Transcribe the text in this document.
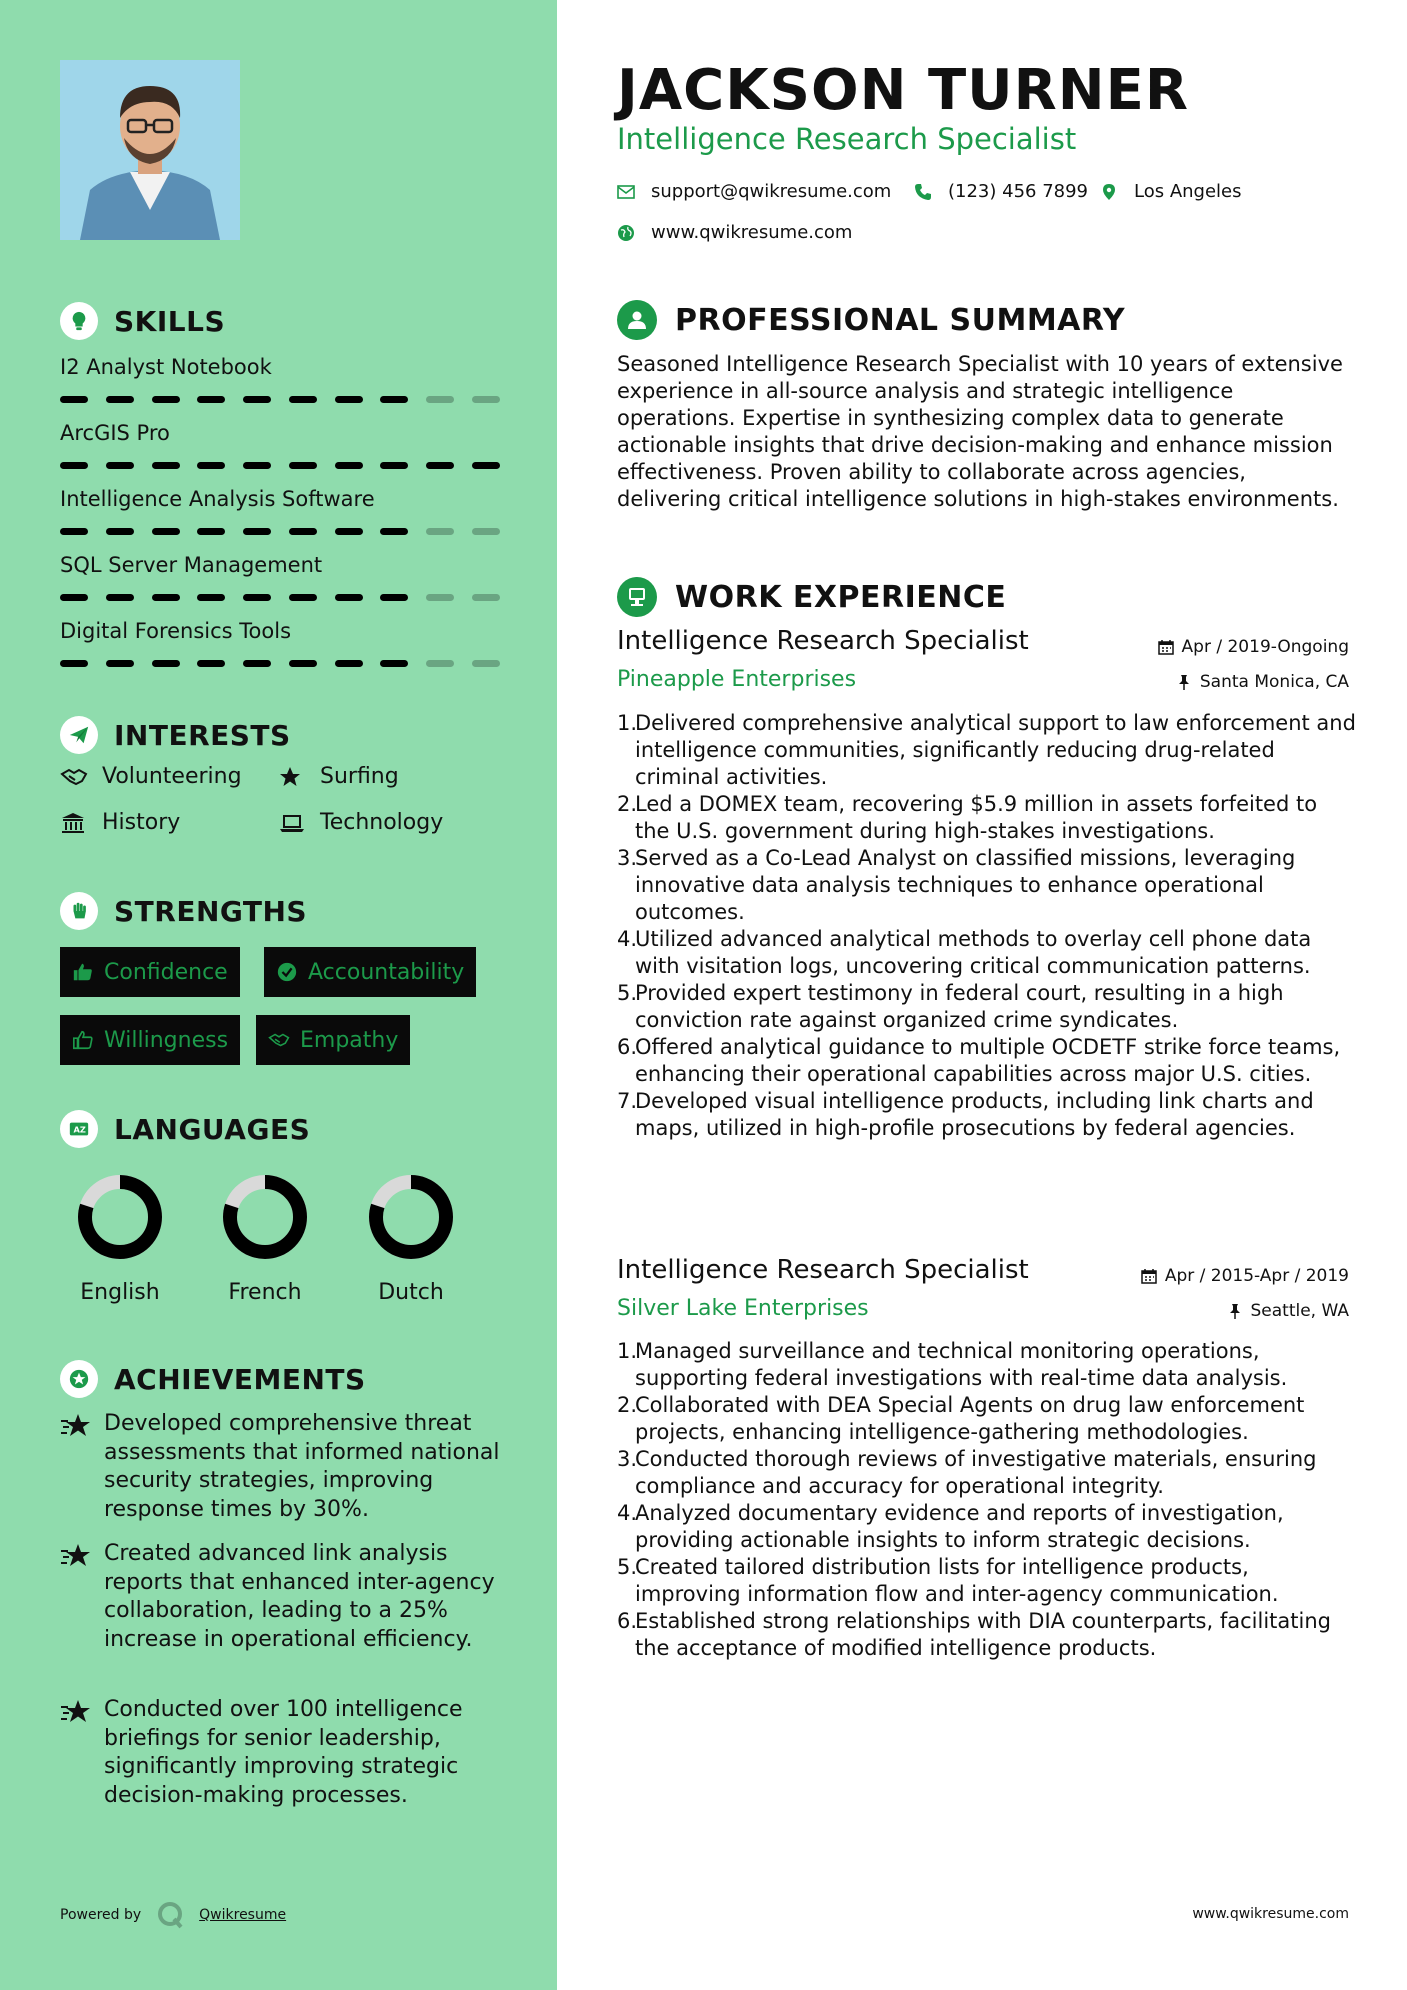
SKILLS
I2 Analyst Notebook
ArcGIS Pro
Intelligence Analysis Software
SQL Server Management
Digital Forensics Tools
INTERESTS
Volunteering	Surfing
History	Technology
STRENGTHS
Confidence	Accountability
Willingness	Empathy
A Z LANGUAGES
English	French	Dutch
ACHIEVEMENTS
Developed comprehensive threat assessments that informed national security strategies, improving response times by 30%.
Created advanced link analysis reports that enhanced inter-agency collaboration, leading to a 25% increase in operational efficiency.
Conducted over 100 intelligence briefings for senior leadership, significantly improving strategic decision-making processes.
Powered by	Qwikresume
JACKSON TURNER
Intelligence Research Specialist
support@qwikresume.com	(123) 456 7899	Los Angeles
www.qwikresume.com
PROFESSIONAL SUMMARY
Seasoned Intelligence Research Specialist with 10 years of extensive experience in all-source analysis and strategic intelligence operations. Expertise in synthesizing complex data to generate actionable insights that drive decision-making and enhance mission effectiveness. Proven ability to collaborate across agencies, delivering critical intelligence solutions in high-stakes environments.
WORK EXPERIENCE
Intelligence Research Specialist	Apr / 2019-Ongoing
Pineapple Enterprises	Santa Monica, CA
1.
Delivered comprehensive analytical support to law enforcement and intelligence communities, significantly reducing drug-related criminal activities.
2.
Led a DOMEX team, recovering $5.9 million in assets forfeited to the U.S. government during high-stakes investigations.
3.
Served as a Co-Lead Analyst on classified missions, leveraging innovative data analysis techniques to enhance operational outcomes.
4.
Utilized advanced analytical methods to overlay cell phone data with visitation logs, uncovering critical communication patterns.
5.
Provided expert testimony in federal court, resulting in a high conviction rate against organized crime syndicates.
6.
Offered analytical guidance to multiple OCDETF strike force teams, enhancing their operational capabilities across major U.S. cities.
7.
Developed visual intelligence products, including link charts and maps, utilized in high-profile prosecutions by federal agencies.
Intelligence Research Specialist	Apr / 2015-Apr / 2019
Silver Lake Enterprises	Seattle, WA
1.
Managed surveillance and technical monitoring operations, supporting federal investigations with real-time data analysis.
2.
Collaborated with DEA Special Agents on drug law enforcement projects, enhancing intelligence-gathering methodologies.
3.
Conducted thorough reviews of investigative materials, ensuring compliance and accuracy for operational integrity.
4.
Analyzed documentary evidence and reports of investigation, providing actionable insights to inform strategic decisions.
5.
Created tailored distribution lists for intelligence products, improving information flow and inter-agency communication.
6.
Established strong relationships with DIA counterparts, facilitating the acceptance of modified intelligence products.
www.qwikresume.com
